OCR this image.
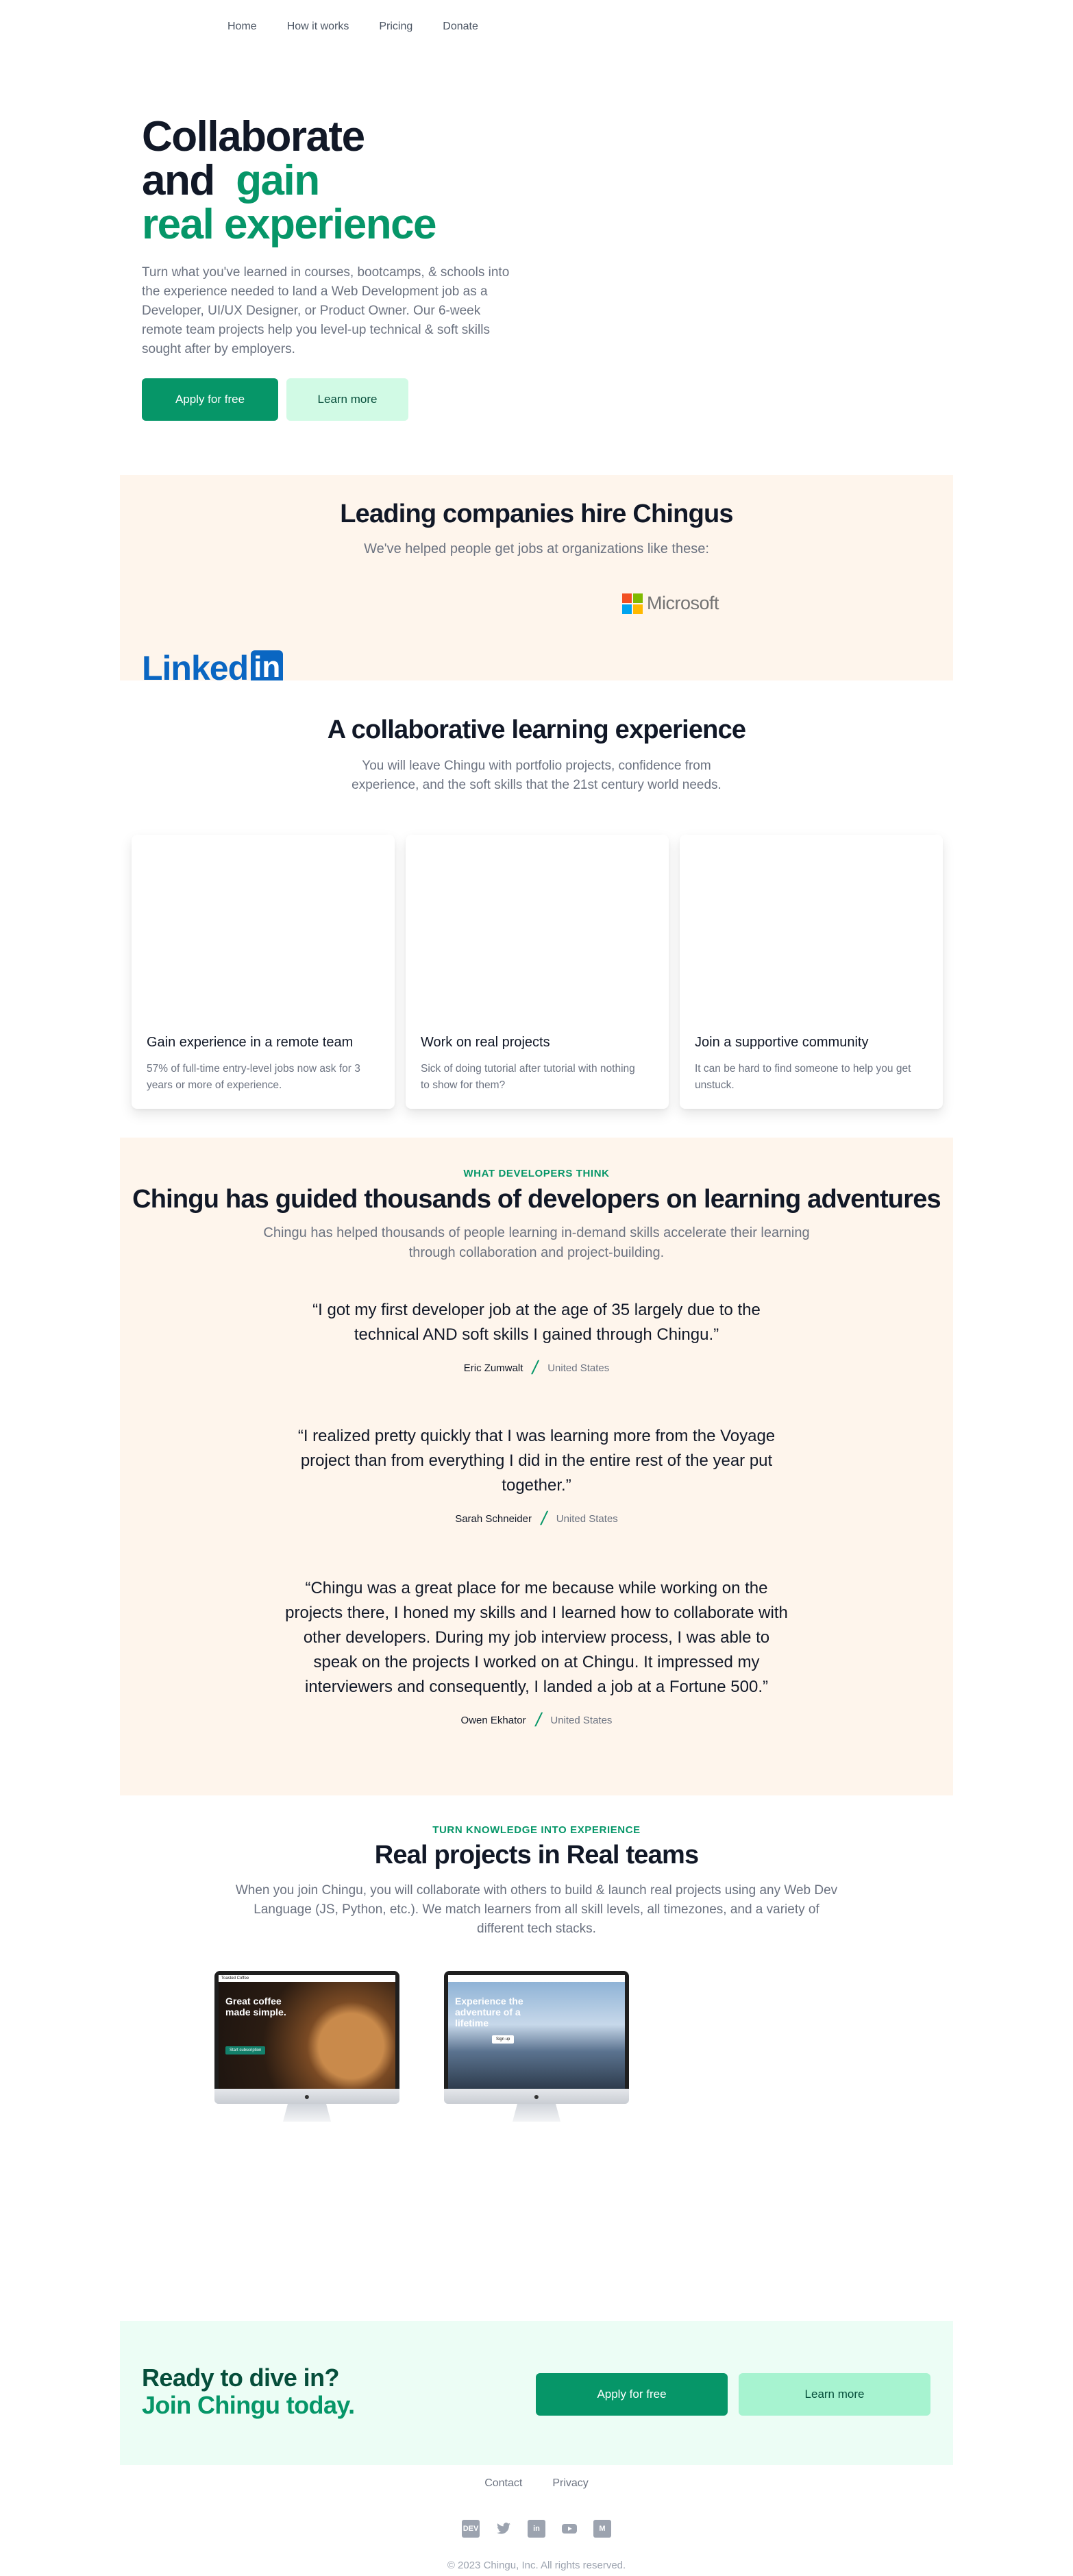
Home	How it works	Pricing	Donate
Collaborate and gain
real experience

Turn what you've learned in courses, bootcamps, & schools into the experience needed to land a Web Development job as a Developer, UI/UX Designer, or Product Owner. Our 6-week remote team projects help you level-up technical & soft skills sought after by employers.

Apply for free	Learn more
Leading companies hire Chingus

We've helped people get jobs at organizations like these:

Microsoft
Linked in
A collaborative learning experience

You will leave Chingu with portfolio projects, confidence from experience, and the soft skills that the 21st century world needs.

Gain experience in a remote team
57% of full-time entry-level jobs now ask for 3 years or more of experience.
Work on real projects
Sick of doing tutorial after tutorial with nothing to show for them?
Join a supportive community
It can be hard to find someone to help you get unstuck.
WHAT DEVELOPERS THINK
Chingu has guided thousands of developers on learning adventures

Chingu has helped thousands of people learning in-demand skills accelerate their learning through collaboration and project-building.

“I got my first developer job at the age of 35 largely due to the technical AND soft skills I gained through Chingu.”

Eric Zumwalt / United States

“I realized pretty quickly that I was learning more from the Voyage project than from everything I did in the entire rest of the year put together.”

Sarah Schneider / United States

“Chingu was a great place for me because while working on the projects there, I honed my skills and I learned how to collaborate with other developers. During my job interview process, I was able to speak on the projects I worked on at Chingu. It impressed my interviewers and consequently, I landed a job at a Fortune 500.”

Owen Ekhator / United States
TURN KNOWLEDGE INTO EXPERIENCE
Real projects in Real teams

When you join Chingu, you will collaborate with others to build & launch real projects using any Web Dev Language (JS, Python, etc.). We match learners from all skill levels, all timezones, and a variety of different tech stacks.

Toasted Coffee
Great coffee made simple.
Start subscription
●
Experience the adventure of a lifetime
Sign up
●
Ready to dive in?
Join Chingu today.	Apply for free	Learn more
Contact	Privacy
DEV	in	M
© 2023 Chingu, Inc. All rights reserved.
